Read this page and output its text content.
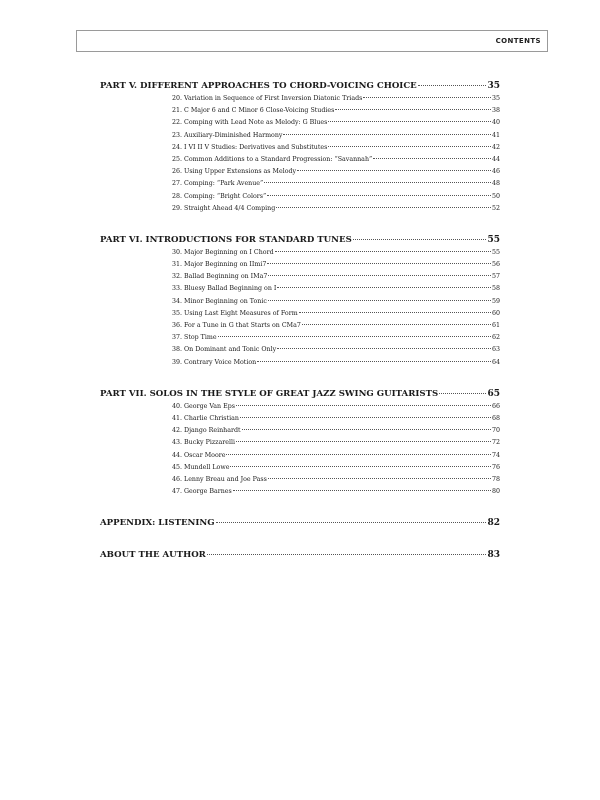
CONTENTS
PART V. DIFFERENT APPROACHES TO CHORD-VOICING CHOICE	35
20. Variation in Sequence of First Inversion Diatonic Triads	35
21. C Major 6 and C Minor 6 Close-Voicing Studies	38
22. Comping with Lead Note as Melody: G Blues	40
23. Auxiliary-Diminished Harmony	41
24. I VI II V Studies: Derivatives and Substitutes	42
25. Common Additions to a Standard Progression: “Savannah”	44
26. Using Upper Extensions as Melody	46
27. Comping: “Park Avenue”	48
28. Comping: “Bright Colors”	50
29. Straight Ahead 4/4 Comping	52
PART VI. INTRODUCTIONS FOR STANDARD TUNES	55
30. Major Beginning on I Chord	55
31. Major Beginning on IImi7	56
32. Ballad Beginning on IMa7	57
33. Bluesy Ballad Beginning on I	58
34. Minor Beginning on Tonic	59
35. Using Last Eight Measures of Form	60
36. For a Tune in G that Starts on CMa7	61
37. Stop Time	62
38. On Dominant and Tonic Only	63
39. Contrary Voice Motion	64
PART VII. SOLOS IN THE STYLE OF GREAT JAZZ SWING GUITARISTS	65
40. George Van Eps	66
41. Charlie Christian	68
42. Django Reinhardt	70
43. Bucky Pizzarelli	72
44. Oscar Moore	74
45. Mundell Lowe	76
46. Lenny Breau and Joe Pass	78
47. George Barnes	80
APPENDIX: LISTENING	82
ABOUT THE AUTHOR	83
